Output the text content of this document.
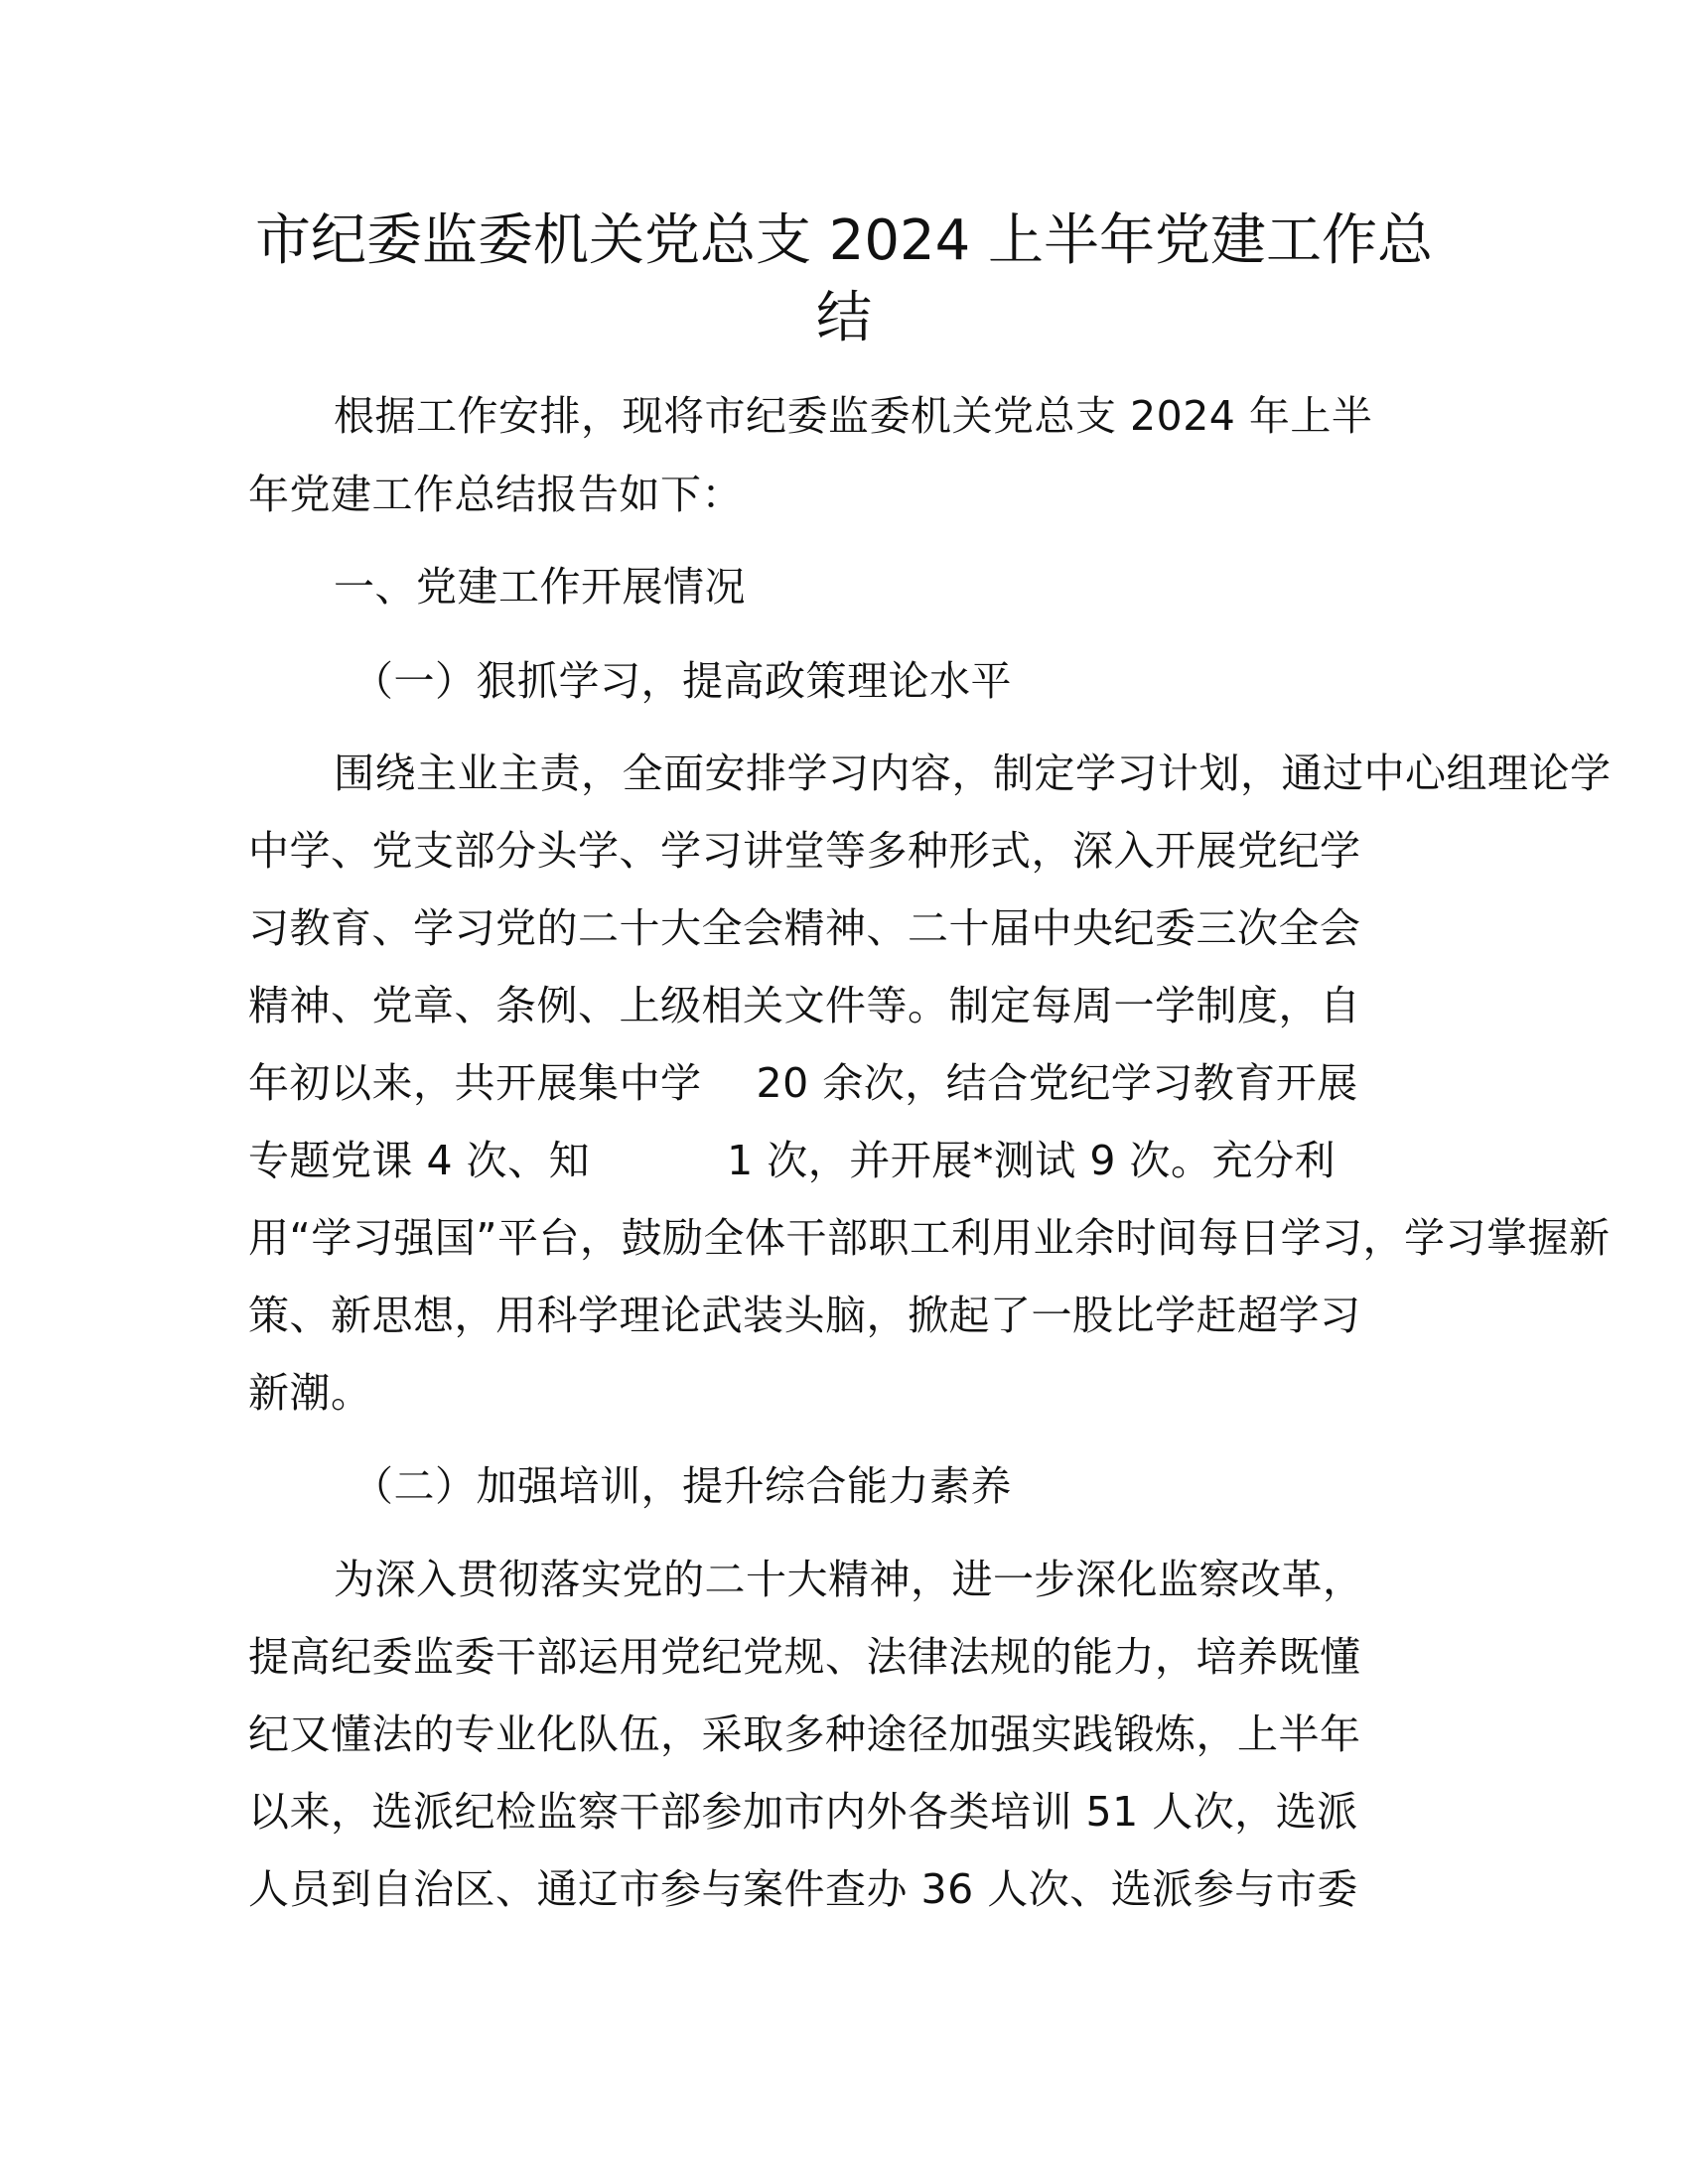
市纪委监委机关党总支 2024 上半年党建工作总
结
根据工作安排，现将市纪委监委机关党总支 2024 年上半
年党建工作总结报告如下：
一、党建工作开展情况
（一）狠抓学习，提高政策理论水平
围绕主业主责，全面安排学习内容，制定学习计划，通过中心组理论学
中学、党支部分头学、学习讲堂等多种形式，深入开展党纪学
习教育、学习党的二十大全会精神、二十届中央纪委三次全会
精神、党章、条例、上级相关文件等。制定每周一学制度，自
年初以来，共开展集中学　 20 余次，结合党纪学习教育开展
专题党课 4 次、知　　　 1 次，并开展*测试 9 次。充分利
用“学习强国”平台，鼓励全体干部职工利用业余时间每日学习，学习掌握新
策、新思想，用科学理论武装头脑，掀起了一股比学赶超学习
新潮。
（二）加强培训，提升综合能力素养
为深入贯彻落实党的二十大精神，进一步深化监察改革，
提高纪委监委干部运用党纪党规、法律法规的能力，培养既懂
纪又懂法的专业化队伍，采取多种途径加强实践锻炼，上半年
以来，选派纪检监察干部参加市内外各类培训 51 人次，选派
人员到自治区、通辽市参与案件查办 36 人次、选派参与市委
